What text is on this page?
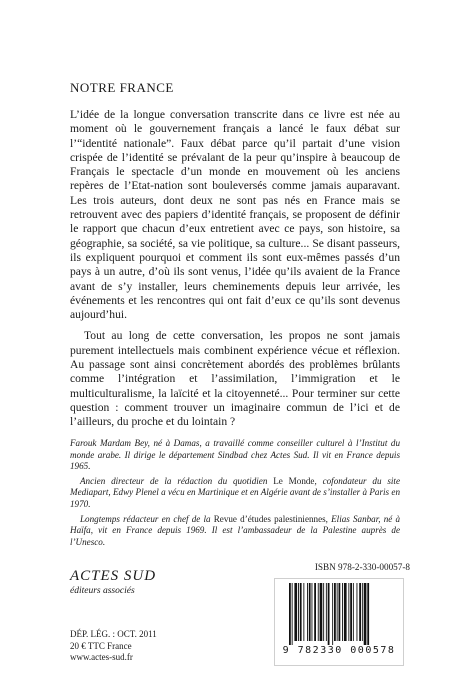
NOTRE FRANCE

L’idée de la longue conversation transcrite dans ce livre est née au moment où le gouvernement français a lancé le faux débat sur l’“identité nationale”. Faux débat parce qu’il partait d’une vision crispée de l’identité se prévalant de la peur qu’inspire à beaucoup de Français le spectacle d’un monde en mouvement où les anciens repères de l’Etat-nation sont bouleversés comme jamais auparavant. Les trois auteurs, dont deux ne sont pas nés en France mais se retrouvent avec des papiers d’identité français, se proposent de définir le rapport que chacun d’eux entretient avec ce pays, son histoire, sa géographie, sa société, sa vie politique, sa culture... Se disant passeurs, ils expliquent pourquoi et comment ils sont eux-mêmes passés d’un pays à un autre, d’où ils sont venus, l’idée qu’ils avaient de la France avant de s’y installer, leurs cheminements depuis leur arrivée, les événements et les rencontres qui ont fait d’eux ce qu’ils sont devenus aujourd’hui.

Tout au long de cette conversation, les propos ne sont jamais purement intellectuels mais combinent expérience vécue et réflexion. Au passage sont ainsi concrètement abordés des problèmes brûlants comme l’intégration et l’assimilation, l’immigration et le multiculturalisme, la laïcité et la citoyenneté... Pour terminer sur cette question : comment trouver un imaginaire commun de l’ici et de l’ailleurs, du proche et du lointain ?

Farouk Mardam Bey, né à Damas, a travaillé comme conseiller culturel à l’Institut du monde arabe. Il dirige le département Sindbad chez Actes Sud. Il vit en France depuis 1965.

Ancien directeur de la rédaction du quotidien Le Monde, cofondateur du site Mediapart, Edwy Plenel a vécu en Martinique et en Algérie avant de s’installer à Paris en 1970.

Longtemps rédacteur en chef de la Revue d’études palestiniennes, Elias Sanbar, né à Haïfa, vit en France depuis 1969. Il est l’ambassadeur de la Palestine auprès de l’Unesco.

ACTES SUD
éditeurs associés
DÉP. LÉG. : OCT. 2011
20 € TTC France
www.actes-sud.fr
ISBN 978-2-330-00057-8
9 782330 000578
